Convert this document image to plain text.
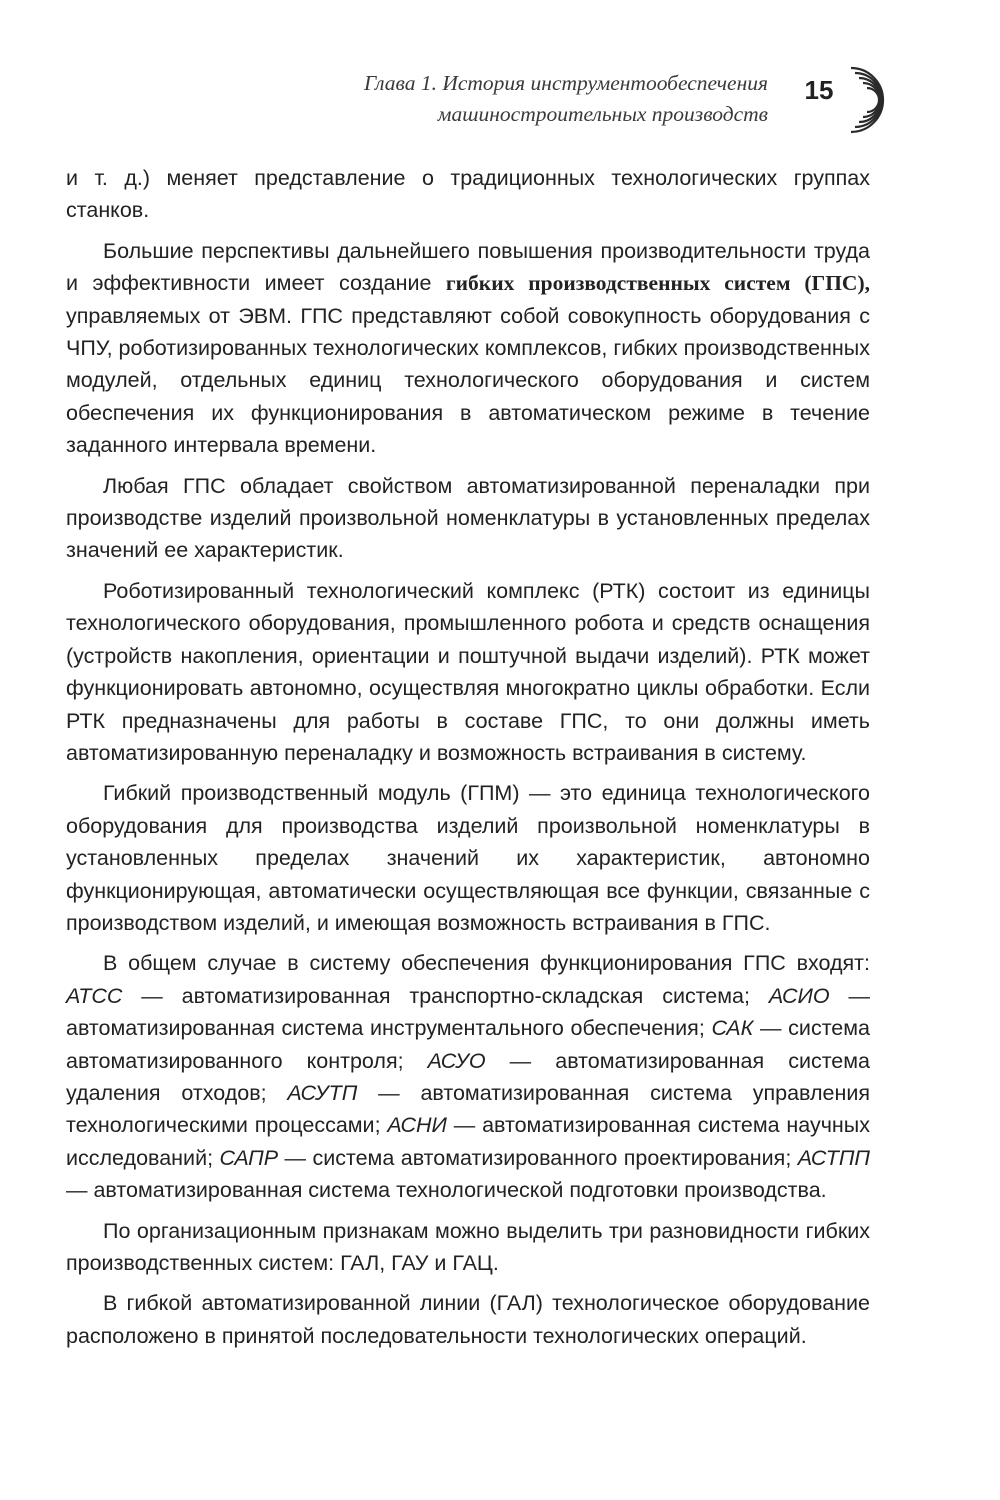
Глава 1. История инструментообеспечения
машиностроительных производств
15

и т. д.) меняет представление о традиционных технологических группах станков.

Большие перспективы дальнейшего повышения производительности труда и эффективности имеет создание гибких производственных систем (ГПС), управляемых от ЭВМ. ГПС представляют собой совокупность оборудования с ЧПУ, роботизированных технологических комплексов, гибких производственных модулей, отдельных единиц технологического оборудования и систем обеспечения их функционирования в автоматическом режиме в течение заданного интервала времени.

Любая ГПС обладает свойством автоматизированной переналадки при производстве изделий произвольной номенклатуры в установленных пределах значений ее характеристик.

Роботизированный технологический комплекс (РТК) состоит из единицы технологического оборудования, промышленного робота и средств оснащения (устройств накопления, ориентации и поштучной выдачи изделий). РТК может функционировать автономно, осуществляя многократно циклы обработки. Если РТК предназначены для работы в составе ГПС, то они должны иметь автоматизированную переналадку и возможность встраивания в систему.

Гибкий производственный модуль (ГПМ) — это единица технологического оборудования для производства изделий произвольной номенклатуры в установленных пределах значений их характеристик, автономно функционирующая, автоматически осуществляющая все функции, связанные с производством изделий, и имеющая возможность встраивания в ГПС.

В общем случае в систему обеспечения функционирования ГПС входят: АТСС — автоматизированная транспортно-складская система; АСИО — автоматизированная система инструментального обеспечения; САК — система автоматизированного контроля; АСУО — автоматизированная система удаления отходов; АСУТП — автоматизированная система управления технологическими процессами; АСНИ — автоматизированная система научных исследований; САПР — система автоматизированного проектирования; АСТПП — автоматизированная система технологической подготовки производства.

По организационным признакам можно выделить три разновидности гибких производственных систем: ГАЛ, ГАУ и ГАЦ.

В гибкой автоматизированной линии (ГАЛ) технологическое оборудование расположено в принятой последовательности технологических операций.
